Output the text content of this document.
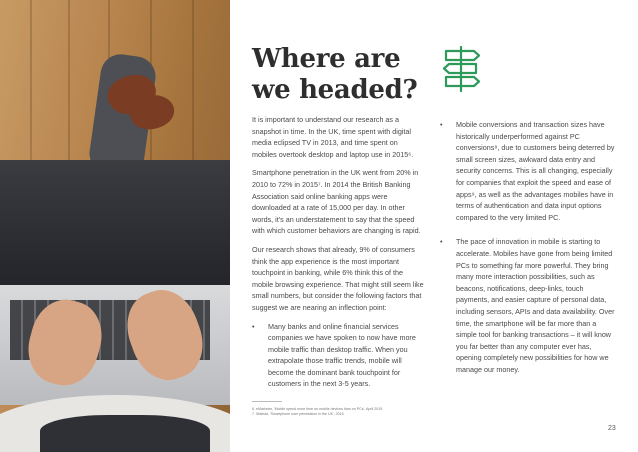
Where are
we headed?

It is important to understand our research as a snapshot in time. In the UK, time spent with digital media eclipsed TV in 2013, and time spent on mobiles overtook desktop and laptop use in 2015⁶.

Smartphone penetration in the UK went from 20% in 2010 to 72% in 2015⁷. In 2014 the British Banking Association said online banking apps were downloaded at a rate of 15,000 per day. In other words, it's an understatement to say that the speed with which customer behaviors are changing is rapid.

Our research shows that already, 9% of consumers think the app experience is the most important touchpoint in banking, while 6% think this of the mobile browsing experience. That might still seem like small numbers, but consider the following factors that suggest we are nearing an inflection point:

• Many banks and online financial services companies we have spoken to now have more mobile traffic than desktop traffic. When you extrapolate those traffic trends, mobile will become the dominant bank touchpoint for customers in the next 3-5 years.

• Mobile conversions and transaction sizes have historically underperformed against PC conversions⁸, due to customers being deterred by small screen sizes, awkward data entry and security concerns. This is all changing, especially for companies that exploit the speed and ease of apps⁹, as well as the advantages mobiles have in terms of authentication and data input options compared to the very limited PC.

• The pace of innovation in mobile is starting to accelerate. Mobiles have gone from being limited PCs to something far more powerful. They bring many more interaction possibilities, such as beacons, notifications, deep-links, touch payments, and easier capture of personal data, including sensors, APIs and data availability. Over time, the smartphone will be far more than a simple tool for banking transactions – it will know you far better than any computer ever has, opening completely new possibilities for how we manage our money.

6. eMarketer, 'Mobile spend more time on mobile devices than on PCs', April 2015
7. Statista, 'Smartphone user penetration in the UK', 2015
23
